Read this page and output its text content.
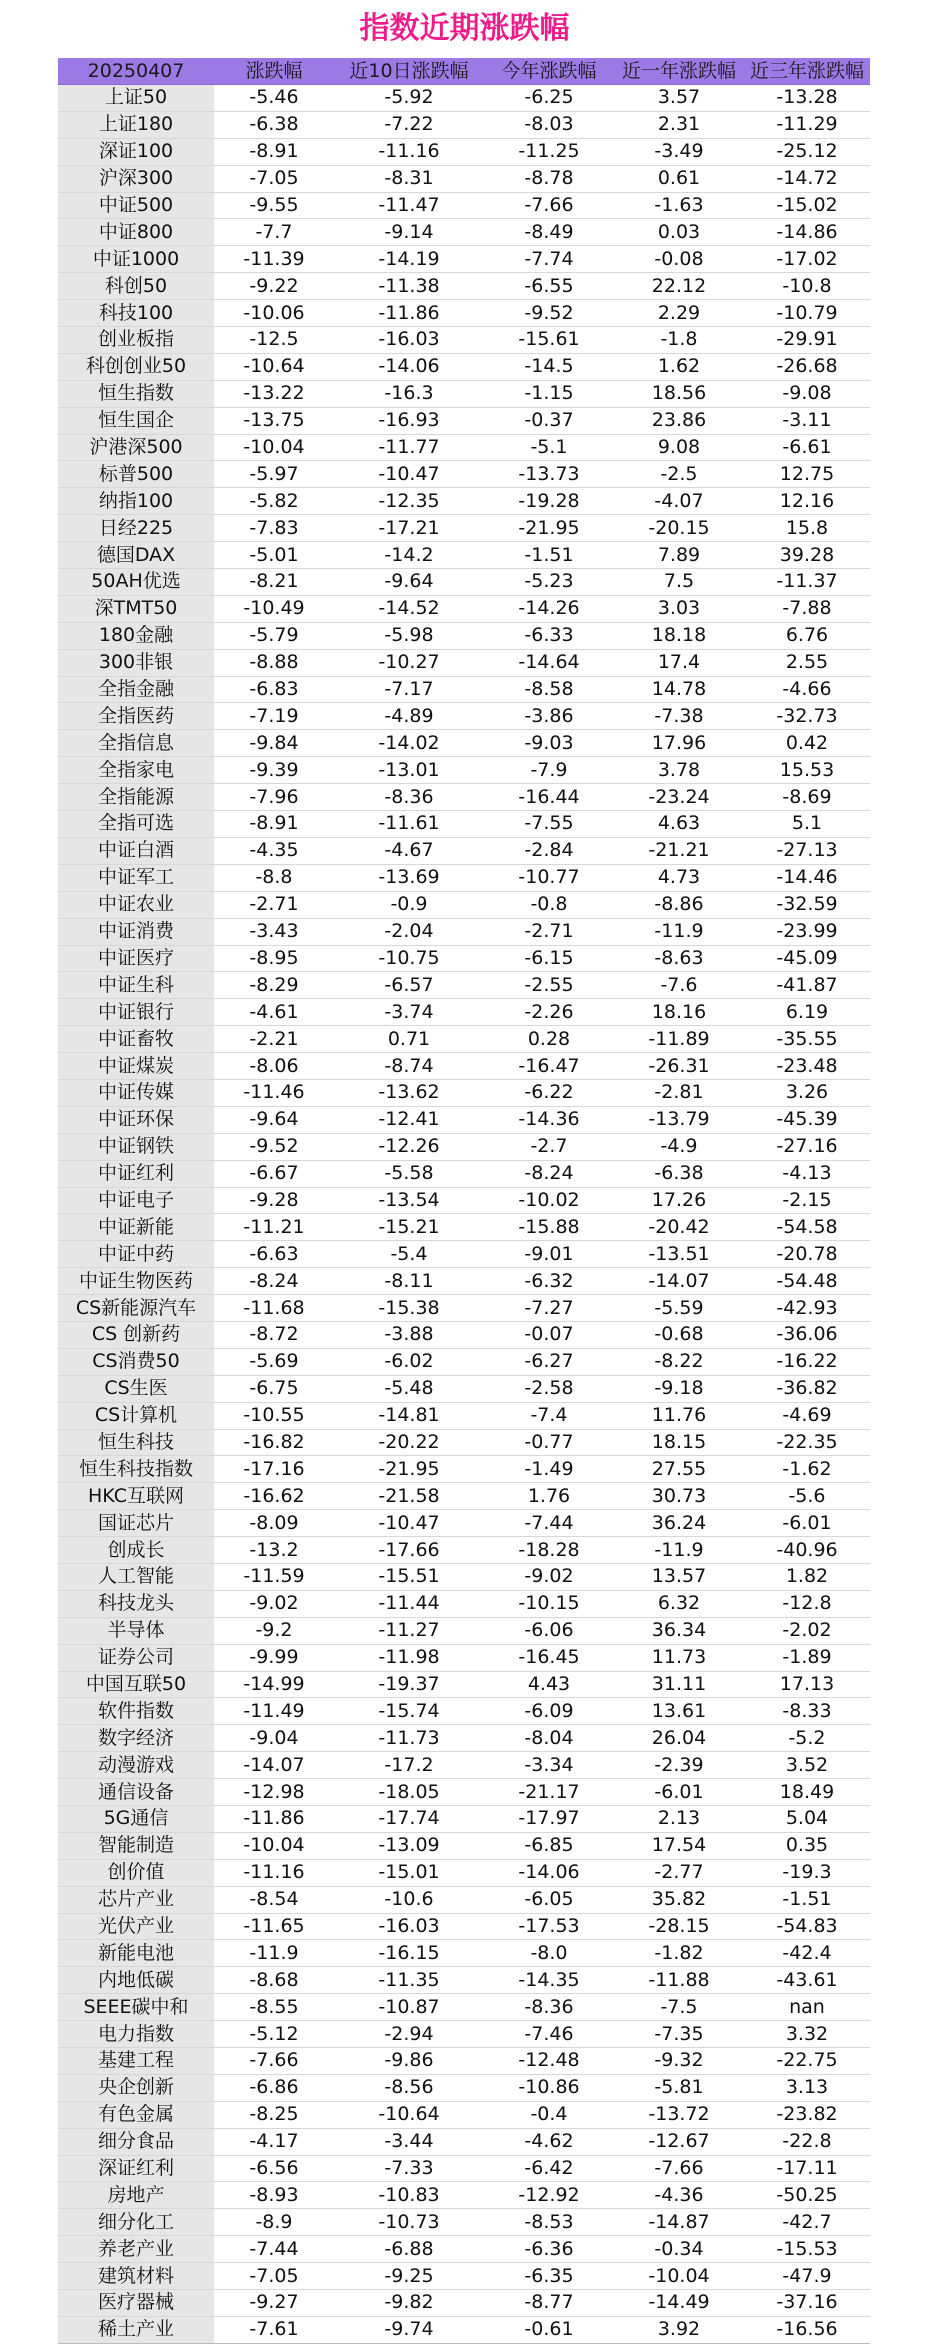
指数近期涨跌幅
20250407	涨跌幅	近10日涨跌幅	今年涨跌幅	近一年涨跌幅	近三年涨跌幅
上证50	-5.46	-5.92	-6.25	3.57	-13.28
上证180	-6.38	-7.22	-8.03	2.31	-11.29
深证100	-8.91	-11.16	-11.25	-3.49	-25.12
沪深300	-7.05	-8.31	-8.78	0.61	-14.72
中证500	-9.55	-11.47	-7.66	-1.63	-15.02
中证800	-7.7	-9.14	-8.49	0.03	-14.86
中证1000	-11.39	-14.19	-7.74	-0.08	-17.02
科创50	-9.22	-11.38	-6.55	22.12	-10.8
科技100	-10.06	-11.86	-9.52	2.29	-10.79
创业板指	-12.5	-16.03	-15.61	-1.8	-29.91
科创创业50	-10.64	-14.06	-14.5	1.62	-26.68
恒生指数	-13.22	-16.3	-1.15	18.56	-9.08
恒生国企	-13.75	-16.93	-0.37	23.86	-3.11
沪港深500	-10.04	-11.77	-5.1	9.08	-6.61
标普500	-5.97	-10.47	-13.73	-2.5	12.75
纳指100	-5.82	-12.35	-19.28	-4.07	12.16
日经225	-7.83	-17.21	-21.95	-20.15	15.8
德国DAX	-5.01	-14.2	-1.51	7.89	39.28
50AH优选	-8.21	-9.64	-5.23	7.5	-11.37
深TMT50	-10.49	-14.52	-14.26	3.03	-7.88
180金融	-5.79	-5.98	-6.33	18.18	6.76
300非银	-8.88	-10.27	-14.64	17.4	2.55
全指金融	-6.83	-7.17	-8.58	14.78	-4.66
全指医药	-7.19	-4.89	-3.86	-7.38	-32.73
全指信息	-9.84	-14.02	-9.03	17.96	0.42
全指家电	-9.39	-13.01	-7.9	3.78	15.53
全指能源	-7.96	-8.36	-16.44	-23.24	-8.69
全指可选	-8.91	-11.61	-7.55	4.63	5.1
中证白酒	-4.35	-4.67	-2.84	-21.21	-27.13
中证军工	-8.8	-13.69	-10.77	4.73	-14.46
中证农业	-2.71	-0.9	-0.8	-8.86	-32.59
中证消费	-3.43	-2.04	-2.71	-11.9	-23.99
中证医疗	-8.95	-10.75	-6.15	-8.63	-45.09
中证生科	-8.29	-6.57	-2.55	-7.6	-41.87
中证银行	-4.61	-3.74	-2.26	18.16	6.19
中证畜牧	-2.21	0.71	0.28	-11.89	-35.55
中证煤炭	-8.06	-8.74	-16.47	-26.31	-23.48
中证传媒	-11.46	-13.62	-6.22	-2.81	3.26
中证环保	-9.64	-12.41	-14.36	-13.79	-45.39
中证钢铁	-9.52	-12.26	-2.7	-4.9	-27.16
中证红利	-6.67	-5.58	-8.24	-6.38	-4.13
中证电子	-9.28	-13.54	-10.02	17.26	-2.15
中证新能	-11.21	-15.21	-15.88	-20.42	-54.58
中证中药	-6.63	-5.4	-9.01	-13.51	-20.78
中证生物医药	-8.24	-8.11	-6.32	-14.07	-54.48
CS新能源汽车	-11.68	-15.38	-7.27	-5.59	-42.93
CS 创新药	-8.72	-3.88	-0.07	-0.68	-36.06
CS消费50	-5.69	-6.02	-6.27	-8.22	-16.22
CS生医	-6.75	-5.48	-2.58	-9.18	-36.82
CS计算机	-10.55	-14.81	-7.4	11.76	-4.69
恒生科技	-16.82	-20.22	-0.77	18.15	-22.35
恒生科技指数	-17.16	-21.95	-1.49	27.55	-1.62
HKC互联网	-16.62	-21.58	1.76	30.73	-5.6
国证芯片	-8.09	-10.47	-7.44	36.24	-6.01
创成长	-13.2	-17.66	-18.28	-11.9	-40.96
人工智能	-11.59	-15.51	-9.02	13.57	1.82
科技龙头	-9.02	-11.44	-10.15	6.32	-12.8
半导体	-9.2	-11.27	-6.06	36.34	-2.02
证券公司	-9.99	-11.98	-16.45	11.73	-1.89
中国互联50	-14.99	-19.37	4.43	31.11	17.13
软件指数	-11.49	-15.74	-6.09	13.61	-8.33
数字经济	-9.04	-11.73	-8.04	26.04	-5.2
动漫游戏	-14.07	-17.2	-3.34	-2.39	3.52
通信设备	-12.98	-18.05	-21.17	-6.01	18.49
5G通信	-11.86	-17.74	-17.97	2.13	5.04
智能制造	-10.04	-13.09	-6.85	17.54	0.35
创价值	-11.16	-15.01	-14.06	-2.77	-19.3
芯片产业	-8.54	-10.6	-6.05	35.82	-1.51
光伏产业	-11.65	-16.03	-17.53	-28.15	-54.83
新能电池	-11.9	-16.15	-8.0	-1.82	-42.4
内地低碳	-8.68	-11.35	-14.35	-11.88	-43.61
SEEE碳中和	-8.55	-10.87	-8.36	-7.5	nan
电力指数	-5.12	-2.94	-7.46	-7.35	3.32
基建工程	-7.66	-9.86	-12.48	-9.32	-22.75
央企创新	-6.86	-8.56	-10.86	-5.81	3.13
有色金属	-8.25	-10.64	-0.4	-13.72	-23.82
细分食品	-4.17	-3.44	-4.62	-12.67	-22.8
深证红利	-6.56	-7.33	-6.42	-7.66	-17.11
房地产	-8.93	-10.83	-12.92	-4.36	-50.25
细分化工	-8.9	-10.73	-8.53	-14.87	-42.7
养老产业	-7.44	-6.88	-6.36	-0.34	-15.53
建筑材料	-7.05	-9.25	-6.35	-10.04	-47.9
医疗器械	-9.27	-9.82	-8.77	-14.49	-37.16
稀土产业	-7.61	-9.74	-0.61	3.92	-16.56
